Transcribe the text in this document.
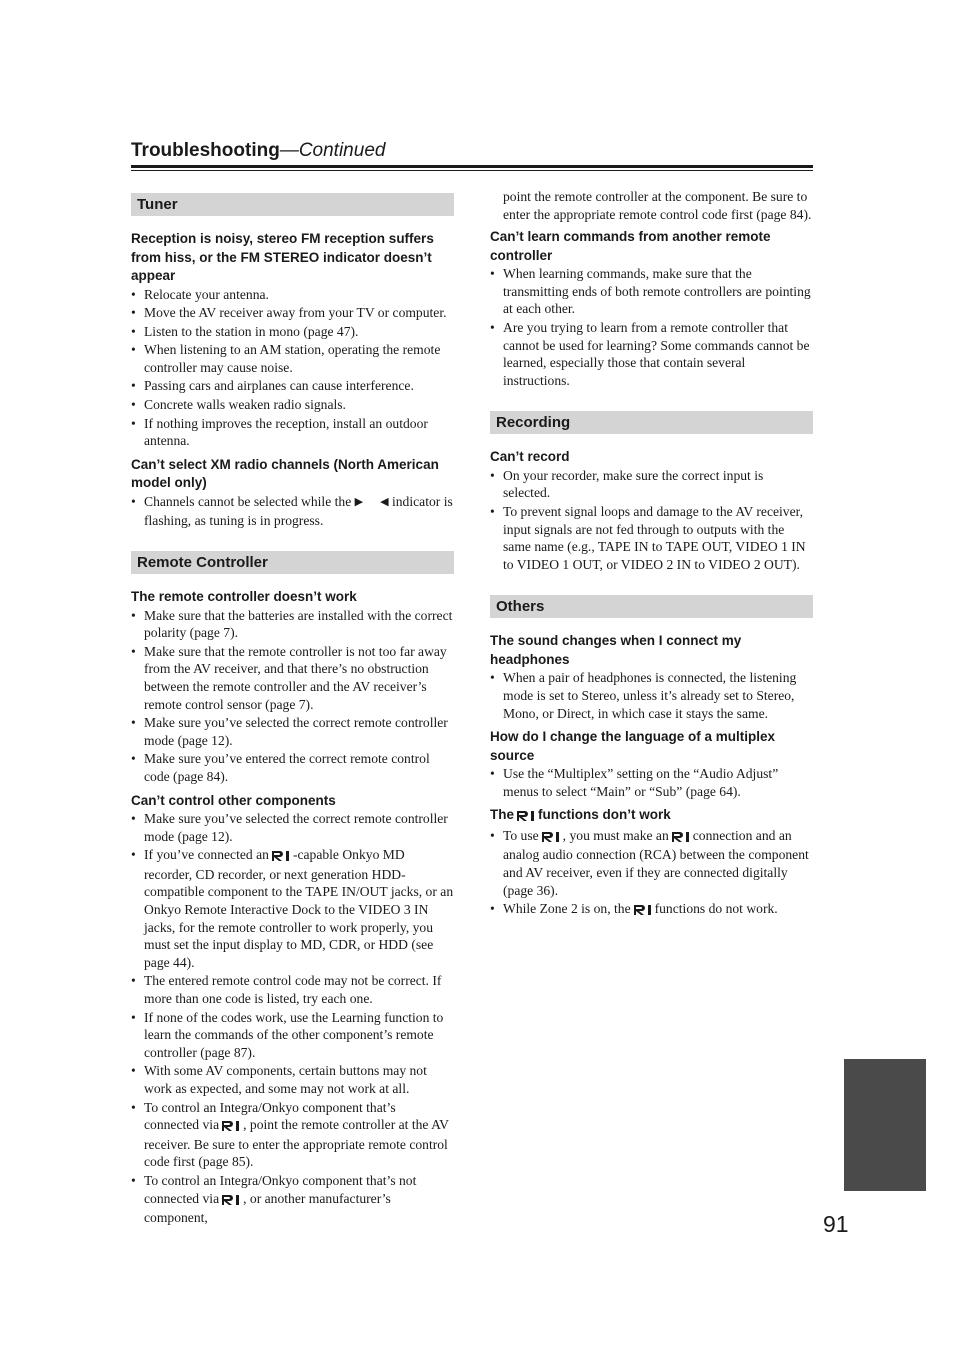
Troubleshooting—Continued
Tuner

Reception is noisy, stereo FM reception suffers from hiss, or the FM STEREO indicator doesn’t appear

• Relocate your antenna.
• Move the AV receiver away from your TV or computer.
• Listen to the station in mono (page 47).
• When listening to an AM station, operating the remote controller may cause noise.
• Passing cars and airplanes can cause interference.
• Concrete walls weaken radio signals.
• If nothing improves the reception, install an outdoor antenna.

Can’t select XM radio channels (North American model only)

• Channels cannot be selected while the ▶ ◀ indicator is flashing, as tuning is in progress.
Remote Controller

The remote controller doesn’t work

• Make sure that the batteries are installed with the correct polarity (page 7).
• Make sure that the remote controller is not too far away from the AV receiver, and that there’s no obstruction between the remote controller and the AV receiver’s remote control sensor (page 7).
• Make sure you’ve selected the correct remote controller mode (page 12).
• Make sure you’ve entered the correct remote control code (page 84).

Can’t control other components

• Make sure you’ve selected the correct remote controller mode (page 12).
• If you’ve connected an -capable Onkyo MD recorder, CD recorder, or next generation HDD-compatible component to the TAPE IN/OUT jacks, or an Onkyo Remote Interactive Dock to the VIDEO 3 IN jacks, for the remote controller to work properly, you must set the input display to MD, CDR, or HDD (see page 44).
• The entered remote control code may not be correct. If more than one code is listed, try each one.
• If none of the codes work, use the Learning function to learn the commands of the other component’s remote controller (page 87).
• With some AV components, certain buttons may not work as expected, and some may not work at all.
• To control an Integra/Onkyo component that’s connected via , point the remote controller at the AV receiver. Be sure to enter the appropriate remote control code first (page 85).
• To control an Integra/Onkyo component that’s not connected via , or another manufacturer’s component,

point the remote controller at the component. Be sure to enter the appropriate remote control code first (page 84).

Can’t learn commands from another remote controller

• When learning commands, make sure that the transmitting ends of both remote controllers are pointing at each other.
• Are you trying to learn from a remote controller that cannot be used for learning? Some commands cannot be learned, especially those that contain several instructions.
Recording

Can’t record

• On your recorder, make sure the correct input is selected.
• To prevent signal loops and damage to the AV receiver, input signals are not fed through to outputs with the same name (e.g., TAPE IN to TAPE OUT, VIDEO 1 IN to VIDEO 1 OUT, or VIDEO 2 IN to VIDEO 2 OUT).
Others

The sound changes when I connect my headphones

• When a pair of headphones is connected, the listening mode is set to Stereo, unless it’s already set to Stereo, Mono, or Direct, in which case it stays the same.

How do I change the language of a multiplex source

• Use the “Multiplex” setting on the “Audio Adjust” menus to select “Main” or “Sub” (page 64).

The functions don’t work

• To use , you must make an connection and an analog audio connection (RCA) between the component and AV receiver, even if they are connected digitally (page 36).
• While Zone 2 is on, the functions do not work.
91
